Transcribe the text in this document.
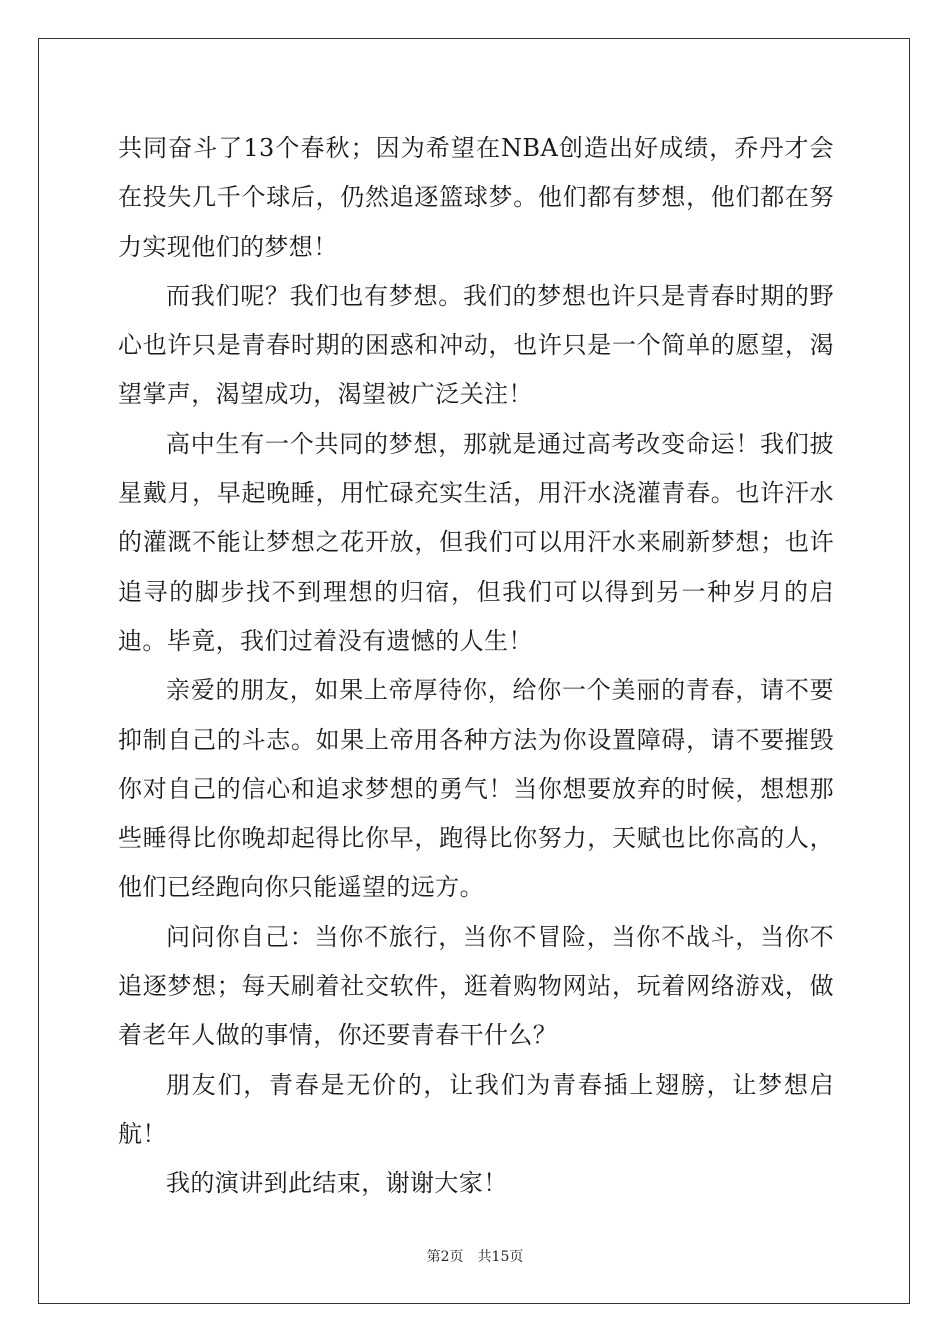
共同奋斗了13个春秋；因为希望在NBA创造出好成绩，乔丹才会在投失几千个球后，仍然追逐篮球梦。他们都有梦想，他们都在努力实现他们的梦想！

而我们呢？我们也有梦想。我们的梦想也许只是青春时期的野心也许只是青春时期的困惑和冲动，也许只是一个简单的愿望，渴望掌声，渴望成功，渴望被广泛关注！

高中生有一个共同的梦想，那就是通过高考改变命运！我们披星戴月，早起晚睡，用忙碌充实生活，用汗水浇灌青春。也许汗水的灌溉不能让梦想之花开放，但我们可以用汗水来刷新梦想；也许追寻的脚步找不到理想的归宿，但我们可以得到另一种岁月的启迪。毕竟，我们过着没有遗憾的人生！

亲爱的朋友，如果上帝厚待你，给你一个美丽的青春，请不要抑制自己的斗志。如果上帝用各种方法为你设置障碍，请不要摧毁你对自己的信心和追求梦想的勇气！当你想要放弃的时候，想想那些睡得比你晚却起得比你早，跑得比你努力，天赋也比你高的人，他们已经跑向你只能遥望的远方。

问问你自己：当你不旅行，当你不冒险，当你不战斗，当你不追逐梦想；每天刷着社交软件，逛着购物网站，玩着网络游戏，做着老年人做的事情，你还要青春干什么？

朋友们，青春是无价的，让我们为青春插上翅膀，让梦想启航！

我的演讲到此结束，谢谢大家！

第2页 共15页
